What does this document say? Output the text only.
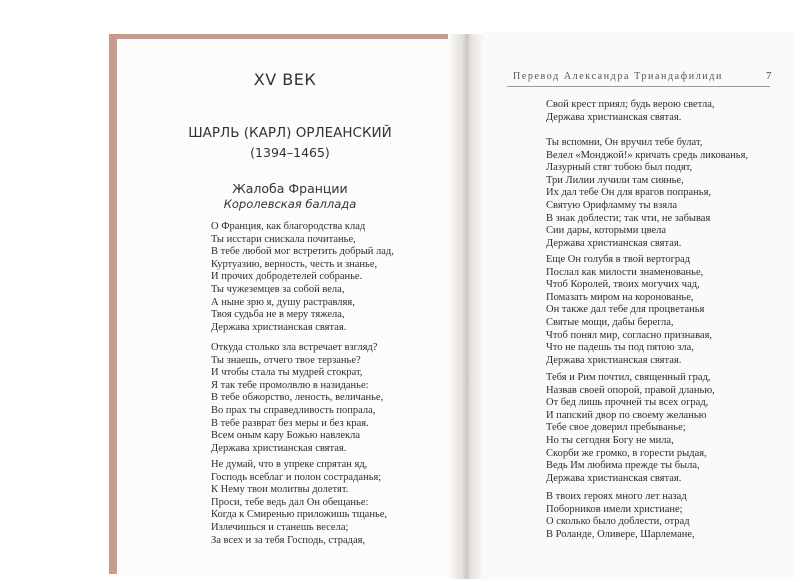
XV ВЕК
ШАРЛЬ (КАРЛ) ОРЛЕАНСКИЙ
(1394–1465)
Жалоба Франции
Королевская баллада
О Франция, как благородства клад
Ты исстари снискала почитанье,
В тебе любой мог встретить добрый лад,
Куртуазию, верность, честь и знанье,
И прочих добродетелей собранье.
Ты чужеземцев за собой вела,
А ныне зрю я, душу растравляя,
Твоя судьба не в меру тяжела,
Держава христианская святая.
Откуда столько зла встречает взгляд?
Ты знаешь, отчего твое терзанье?
И чтобы стала ты мудрей стократ,
Я так тебе промолвлю в назиданье:
В тебе обжорство, леность, величанье,
Во прах ты справедливость попрала,
В тебе разврат без меры и без края.
Всем оным кару Божью навлекла
Держава христианская святая.
Не думай, что в упреке спрятан яд,
Господь всеблаг и полон состраданья;
К Нему твои молитвы долетят.
Проси, тебе ведь дал Он обещанье:
Когда к Смиренью приложишь тщанье,
Излечишься и станешь весела;
За всех и за тебя Господь, страдая,
Перевод Александра Триандафилиди	7
Свой крест приял; будь верою светла,
Держава христианская святая.
Ты вспомни, Он вручил тебе булат,
Велел «Монджой!» кричать средь ликованья,
Лазурный стяг тобою был подят,
Три Лилии лучили там сиянье,
Их дал тебе Он для врагов попранья,
Святую Орифламму ты взяла
В знак доблести; так чти, не забывая
Сии дары, которыми цвела
Держава христианская святая.
Еще Он голубя в твой вертоград
Послал как милости знаменованье,
Чтоб Королей, твоих могучих чад,
Помазать миром на коронованье,
Он также дал тебе для процветанья
Святые мощи, дабы берегла,
Чтоб понял мир, согласно признавая,
Что не падешь ты под пятою зла,
Держава христианская святая.
Тебя и Рим почтил, священный град,
Назвав своей опорой, правой дланью,
От бед лишь прочней ты всех оград,
И папский двор по своему желанью
Тебе свое доверил пребыванье;
Но ты сегодня Богу не мила,
Скорби же громко, в горести рыдая,
Ведь Им любима прежде ты была,
Держава христианская святая.
В твоих героях много лет назад
Поборников имели христиане;
О сколько было доблести, отрад
В Роланде, Оливере, Шарлемане,
